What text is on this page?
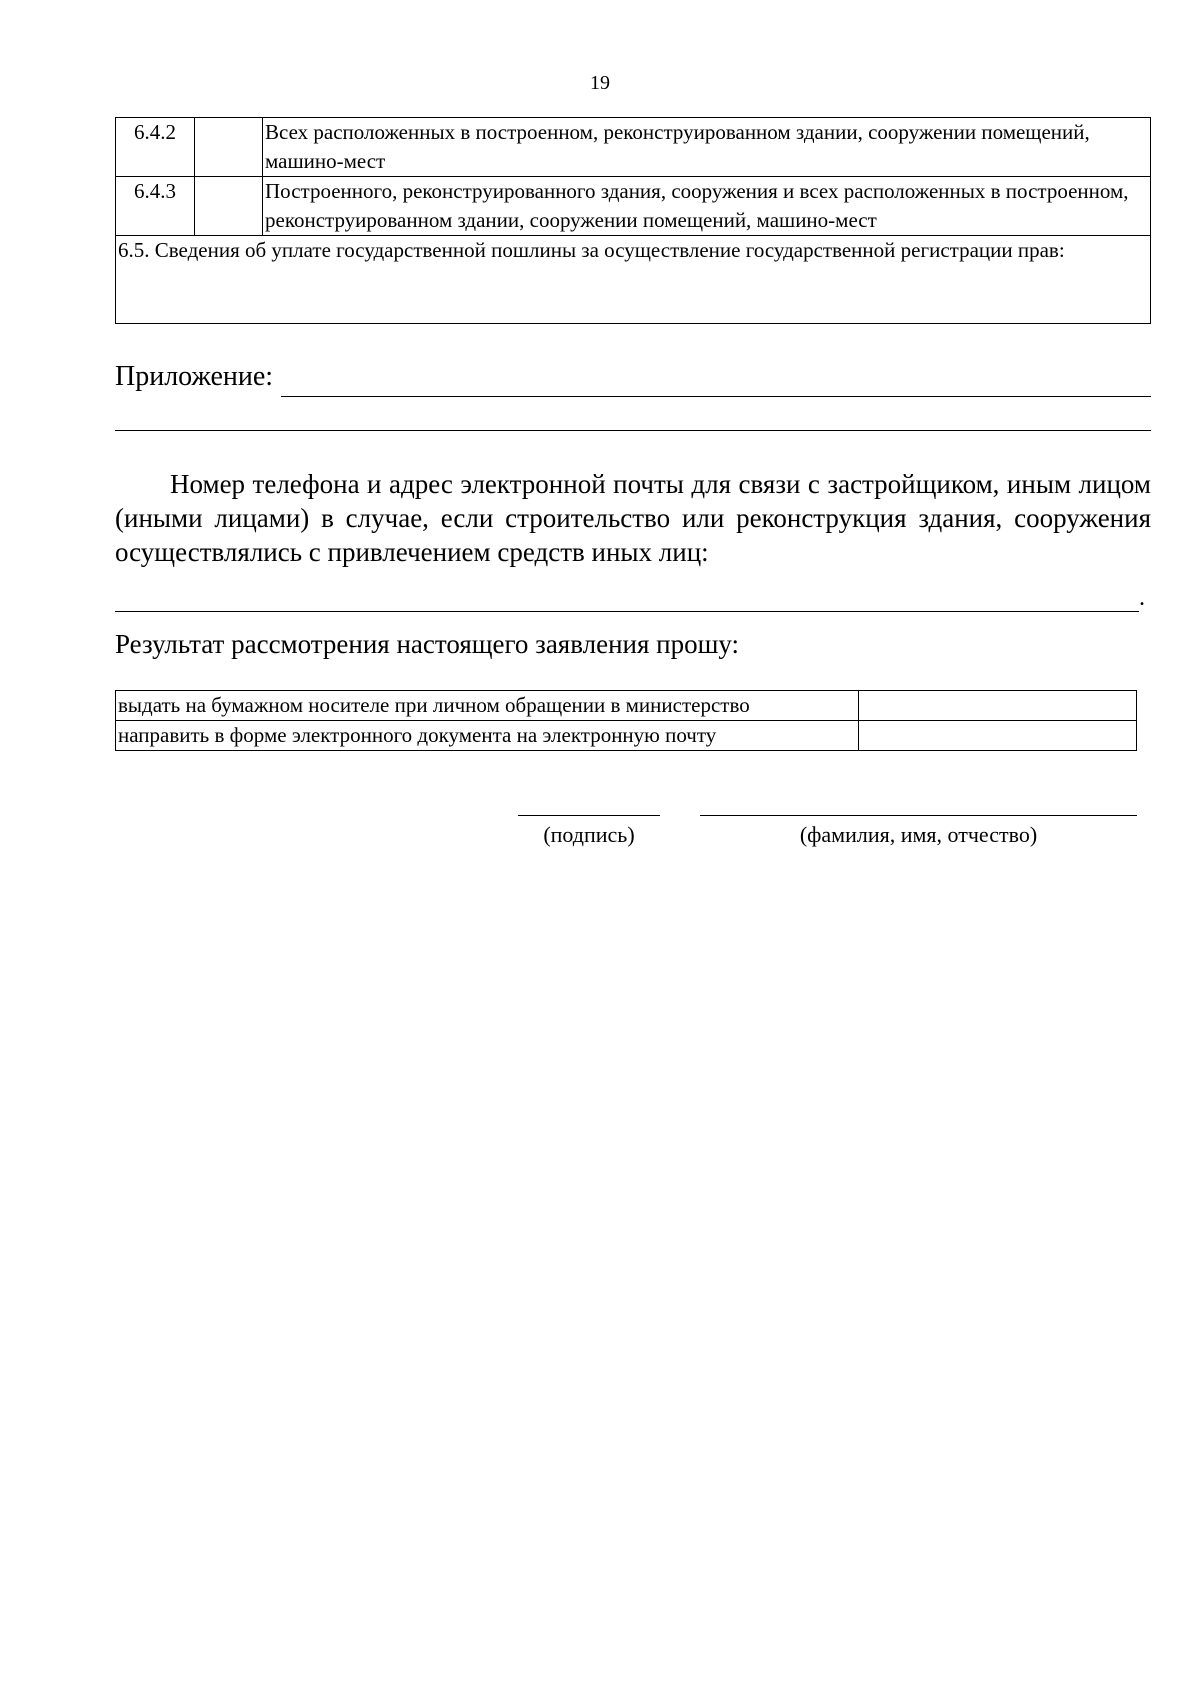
19
6.4.2		Всех расположенных в построенном, реконструированном здании, сооружении помещений, машино-мест
6.4.3		Построенного, реконструированного здания, сооружения и всех расположенных в построенном, реконструированном здании, сооружении помещений, машино-мест
6.5. Сведения об уплате государственной пошлины за осуществление государственной регистрации прав:		
Приложение:

Номер телефона и адрес электронной почты для связи с застройщиком, иным лицом (иными лицами) в случае, если строительство или реконструкция здания, сооружения осуществлялись с привлечением средств иных лиц:

.
Результат рассмотрения настоящего заявления прошу:
выдать на бумажном носителе при личном обращении в министерство	
направить в форме электронного документа на электронную почту	
(подпись)	(фамилия, имя, отчество)
